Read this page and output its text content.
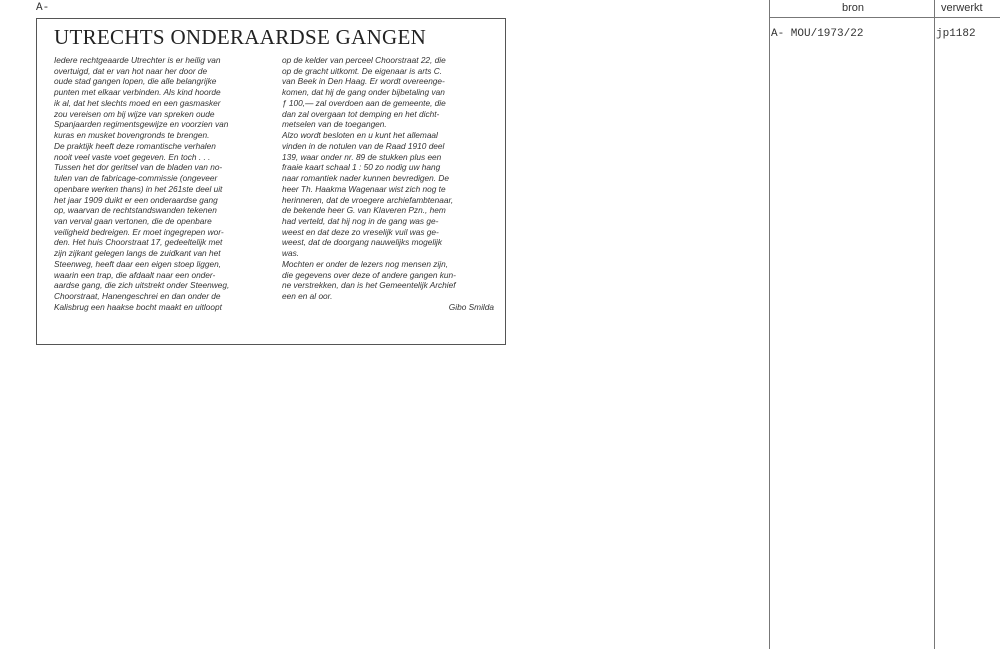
A-
UTRECHTS ONDERAARDSE GANGEN
Iedere rechtgeaarde Utrechter is er heilig van
overtuigd, dat er van hot naar her door de
oude stad gangen lopen, die alle belangrijke
punten met elkaar verbinden. Als kind hoorde
ik al, dat het slechts moed en een gasmasker
zou vereisen om bij wijze van spreken oude
Spanjaarden regimentsgewijze en voorzien van
kuras en musket bovengronds te brengen.
De praktijk heeft deze romantische verhalen
nooit veel vaste voet gegeven. En toch . . .
Tussen het dor geritsel van de bladen van no-
tulen van de fabricage-commissie (ongeveer
openbare werken thans) in het 261ste deel uit
het jaar 1909 duikt er een onderaardse gang
op, waarvan de rechtstandswanden tekenen
van verval gaan vertonen, die de openbare
veiligheid bedreigen. Er moet ingegrepen wor-
den. Het huis Choorstraat 17, gedeeltelijk met
zijn zijkant gelegen langs de zuidkant van het
Steenweg, heeft daar een eigen stoep liggen,
waarin een trap, die afdaalt naar een onder-
aardse gang, die zich uitstrekt onder Steenweg,
Choorstraat, Hanengeschrei en dan onder de
Kalisbrug een haakse bocht maakt en uitloopt
op de kelder van perceel Choorstraat 22, die
op de gracht uitkomt. De eigenaar is arts C.
van Beek in Den Haag. Er wordt overeenge-
komen, dat hij de gang onder bijbetaling van
ƒ 100,— zal overdoen aan de gemeente, die
dan zal overgaan tot demping en het dicht-
metselen van de toegangen.
Alzo wordt besloten en u kunt het allemaal
vinden in de notulen van de Raad 1910 deel
139, waar onder nr. 89 de stukken plus een
fraaie kaart schaal 1 : 50 zo nodig uw hang
naar romantiek nader kunnen bevredigen. De
heer Th. Haakma Wagenaar wist zich nog te
herinneren, dat de vroegere archiefambtenaar,
de bekende heer G. van Klaveren Pzn., hem
had verteld, dat hij nog in de gang was ge-
weest en dat deze zo vreselijk vuil was ge-
weest, dat de doorgang nauwelijks mogelijk
was.
Mochten er onder de lezers nog mensen zijn,
die gegevens over deze of andere gangen kun-
ne verstrekken, dan is het Gemeentelijk Archief
een en al oor.
Gibo Smilda
bron	verwerkt
A- MOU/1973/22	jp1182
